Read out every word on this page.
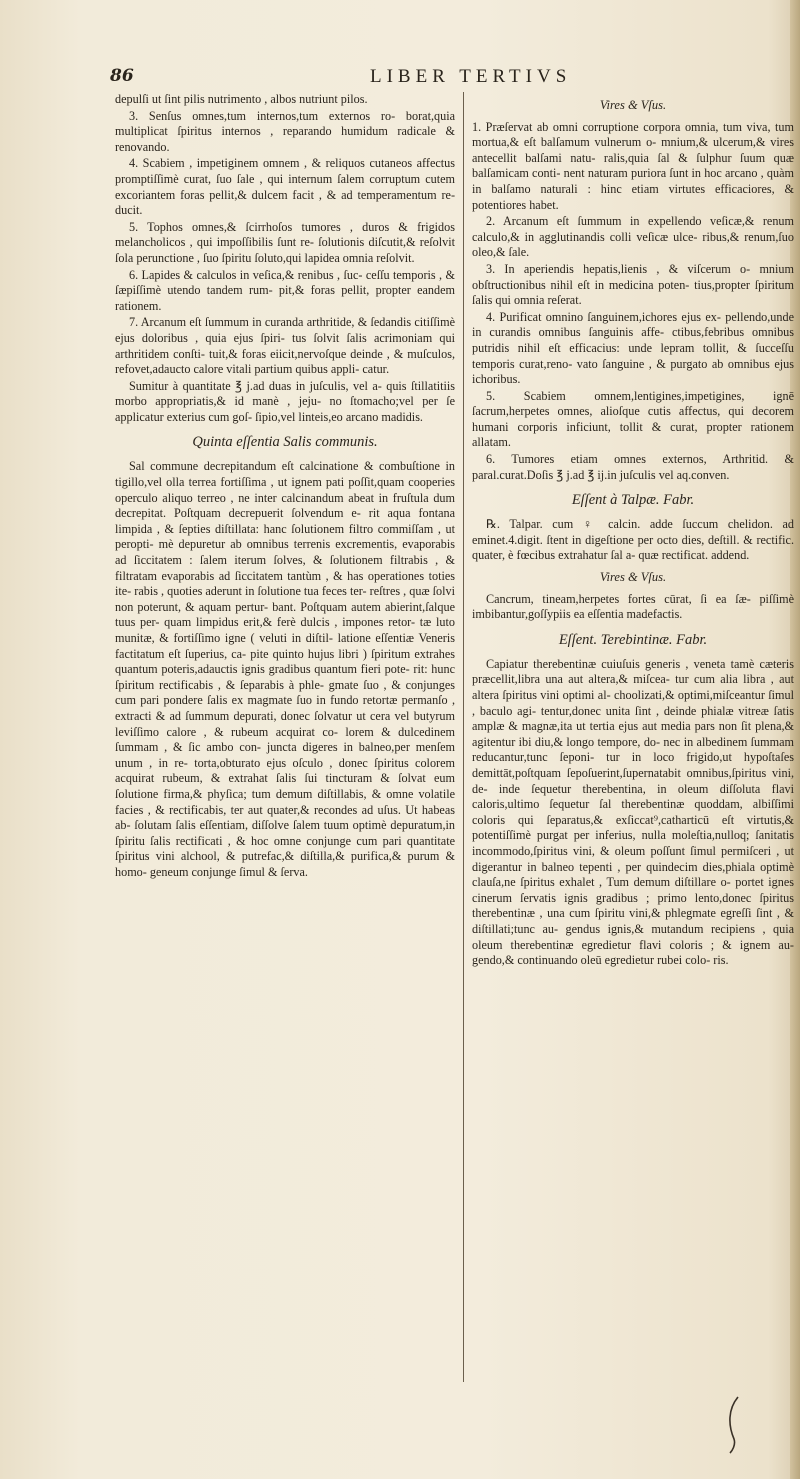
86	LIBER TERTIVS

depulſi ut ſint pilis nutrimento , albos nutriunt pilos.

3. Senſus omnes,tum internos,tum externos ro- borat,quia multiplicat ſpiritus internos , reparando humidum radicale & renovando.

4. Scabiem , impetiginem omnem , & reliquos cutaneos affectus promptiſſimè curat, ſuo ſale , qui internum ſalem corruptum cutem excoriantem foras pellit,& dulcem facit , & ad temperamentum re- ducit.

5. Tophos omnes,& ſcirrhoſos tumores , duros & frigidos melancholicos , qui impoſſibilis ſunt re- ſolutionis diſcutit,& reſolvit ſola perunctione , ſuo ſpiritu ſoluto,qui lapidea omnia reſolvit.

6. Lapides & calculos in veſica,& renibus , ſuc- ceſſu temporis , & ſæpiſſimè utendo tandem rum- pit,& foras pellit, propter eandem rationem.

7. Arcanum eſt ſummum in curanda arthritide, & ſedandis citiſſimè ejus doloribus , quia ejus ſpiri- tus ſolvit ſalis acrimoniam qui arthritidem conſti- tuit,& foras eiicit,nervoſque deinde , & muſculos, refovet,adaucto calore vitali partium quibus appli- catur.

Sumitur à quantitate ℥ j.ad duas in juſculis, vel a- quis ſtillatitiis morbo appropriatis,& id manè , jeju- no ſtomacho;vel per ſe applicatur exterius cum goſ- ſipio,vel linteis,eo arcano madidis.

Quinta eſſentia Salis communis.

Sal commune decrepitandum eſt calcinatione & combuſtione in tigillo,vel olla terrea fortiſſima , ut ignem pati poſſit,quam cooperies operculo aliquo terreo , ne inter calcinandum abeat in fruſtula dum decrepitat. Poſtquam decrepuerit ſolvendum e- rit aqua fontana limpida , & ſepties diſtillata: hanc ſolutionem filtro commiſſam , ut peropti- mè depuretur ab omnibus terrenis excrementis, evaporabis ad ſiccitatem : ſalem iterum ſolves, & ſolutionem filtrabis , & filtratam evaporabis ad ſiccitatem tantùm , & has operationes toties ite- rabis , quoties aderunt in ſolutione tua feces ter- reſtres , quæ ſolvi non poterunt, & aquam pertur- bant. Poſtquam autem abierint,ſalque tuus per- quam limpidus erit,& ferè dulcis , impones retor- tæ luto munitæ, & fortiſſimo igne ( veluti in diſtil- latione eſſentiæ Veneris factitatum eſt ſuperius, ca- pite quinto hujus libri ) ſpiritum extrahes quantum poteris,adauctis ignis gradibus quantum fieri pote- rit: hunc ſpiritum rectificabis , & ſeparabis à phle- gmate ſuo , & conjunges cum pari pondere ſalis ex magmate ſuo in fundo retortæ permanſo , extracti & ad ſummum depurati, donec ſolvatur ut cera vel butyrum leviſſimo calore , & rubeum acquirat co- lorem & dulcedinem ſummam , & ſic ambo con- juncta digeres in balneo,per menſem unum , in re- torta,obturato ejus oſculo , donec ſpiritus colorem acquirat rubeum, & extrahat ſalis ſui tincturam & ſolvat eum ſolutione firma,& phyſica; tum demum diſtillabis, & omne volatile facies , & rectificabis, ter aut quater,& recondes ad uſus. Ut habeas ab- ſolutam ſalis eſſentiam, diſſolve ſalem tuum optimè depuratum,in ſpiritu ſalis rectificati , & hoc omne conjunge cum pari quantitate ſpiritus vini alchool, & putrefac,& diſtilla,& purifica,& purum & homo- geneum conjunge ſimul & ſerva.

Vires & Vſus.

1. Præſervat ab omni corruptione corpora omnia, tum viva, tum mortua,& eſt balſamum vulnerum o- mnium,& ulcerum,& vires antecellit balſami natu- ralis,quia ſal & ſulphur ſuum quæ balſamicam conti- nent naturam puriora ſunt in hoc arcano , quàm in balſamo naturali : hinc etiam virtutes efficaciores, & potentiores habet.

2. Arcanum eſt ſummum in expellendo veſicæ,& renum calculo,& in agglutinandis colli veſicæ ulce- ribus,& renum,ſuo oleo,& ſale.

3. In aperiendis hepatis,lienis , & viſcerum o- mnium obſtructionibus nihil eſt in medicina poten- tius,propter ſpiritum ſalis qui omnia reſerat.

4. Purificat omnino ſanguinem,ichores ejus ex- pellendo,unde in curandis omnibus ſanguinis affe- ctibus,febribus omnibus putridis nihil eſt efficacius: unde lepram tollit, & ſucceſſu temporis curat,reno- vato ſanguine , & purgato ab omnibus ejus ichoribus.

5. Scabiem omnem,lentigines,impetigines, ignē ſacrum,herpetes omnes, alioſque cutis affectus, qui decorem humani corporis inficiunt, tollit & curat, propter rationem allatam.

6. Tumores etiam omnes externos, Arthritid. & paral.curat.Doſis ℥ j.ad ℥ ij.in juſculis vel aq.conven.

Eſſent à Talpæ. Fabr.

℞. Talpar. cum ♀ calcin. adde ſuccum chelidon. ad eminet.4.digit. ſtent in digeſtione per octo dies, deſtill. & rectific. quater, è fœcibus extrahatur ſal a- quæ rectificat. addend.

Vires & Vſus.

Cancrum, tineam,herpetes fortes cūrat, ſi ea ſæ- piſſimè imbibantur,goſſypiis ea eſſentia madefactis.

Eſſent. Terebintinæ. Fabr.

Capiatur therebentinæ cuiuſuis generis , veneta tamè cæteris præcellit,libra una aut altera,& miſcea- tur cum alia libra , aut altera ſpiritus vini optimi al- choolizati,& optimi,miſceantur ſimul , baculo agi- tentur,donec unita ſint , deinde phialæ vitreæ ſatis amplæ & magnæ,ita ut tertia ejus aut media pars non ſit plena,& agitentur ibi diu,& longo tempore, do- nec in albedinem ſummam reducantur,tunc ſeponi- tur in loco frigido,ut hypoſtaſes demittāt,poſtquam ſepoſuerint,ſupernatabit omnibus,ſpiritus vini, de- inde ſequetur therebentina, in oleum diſſoluta flavi caloris,ultimo ſequetur ſal therebentinæ quoddam, albiſſimi coloris qui ſeparatus,& exſiccat⁹,catharticū eſt virtutis,& potentiſſimè purgat per inferius, nulla moleſtia,nulloq; ſanitatis incommodo,ſpiritus vini, & oleum poſſunt ſimul permiſceri , ut digerantur in balneo tepenti , per quindecim dies,phiala optimè clauſa,ne ſpiritus exhalet , Tum demum diſtillare o- portet ignes cinerum ſervatis ignis gradibus ; primo lento,donec ſpiritus therebentinæ , una cum ſpiritu vini,& phlegmate egreſſi ſint , & diſtillati;tunc au- gendus ignis,& mutandum recipiens , quia oleum therebentinæ egredietur flavi coloris ; & ignem au- gendo,& continuando oleū egredietur rubei colo- ris.
